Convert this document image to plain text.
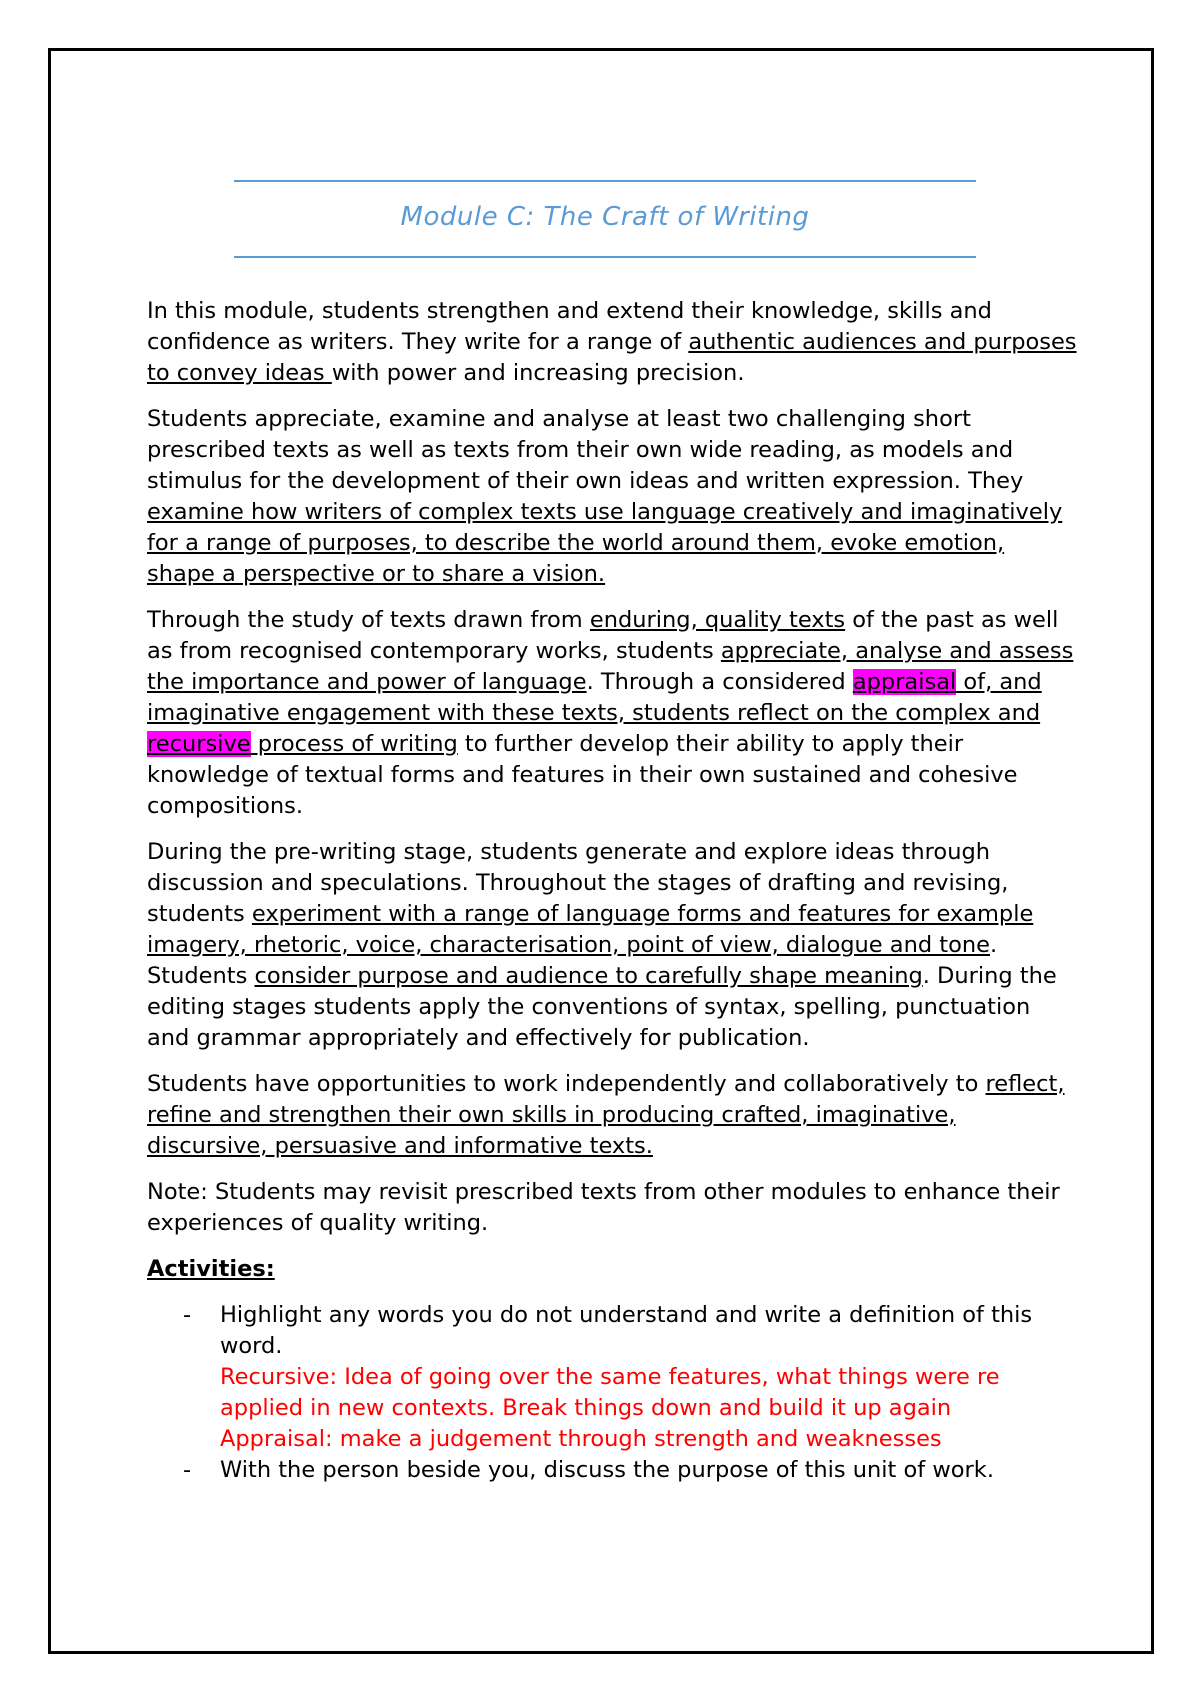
Module C: The Craft of Writing

In this module, students strengthen and extend their knowledge, skills and confidence as writers. They write for a range of authentic audiences and purposes to convey ideas with power and increasing precision.

Students appreciate, examine and analyse at least two challenging short prescribed texts as well as texts from their own wide reading, as models and stimulus for the development of their own ideas and written expression. They examine how writers of complex texts use language creatively and imaginatively for a range of purposes, to describe the world around them, evoke emotion, shape a perspective or to share a vision.

Through the study of texts drawn from enduring, quality texts of the past as well as from recognised contemporary works, students appreciate, analyse and assess the importance and power of language. Through a considered appraisal of, and imaginative engagement with these texts, students reflect on the complex and recursive process of writing to further develop their ability to apply their knowledge of textual forms and features in their own sustained and cohesive compositions.

During the pre-writing stage, students generate and explore ideas through discussion and speculations. Throughout the stages of drafting and revising, students experiment with a range of language forms and features for example imagery, rhetoric, voice, characterisation, point of view, dialogue and tone. Students consider purpose and audience to carefully shape meaning. During the editing stages students apply the conventions of syntax, spelling, punctuation and grammar appropriately and effectively for publication.

Students have opportunities to work independently and collaboratively to reflect, refine and strengthen their own skills in producing crafted, imaginative, discursive, persuasive and informative texts.

Note: Students may revisit prescribed texts from other modules to enhance their experiences of quality writing.

Activities:

- Highlight any words you do not understand and write a definition of this word.
Recursive: Idea of going over the same features, what things were re applied in new contexts. Break things down and build it up again
Appraisal: make a judgement through strength and weaknesses
- With the person beside you, discuss the purpose of this unit of work.
